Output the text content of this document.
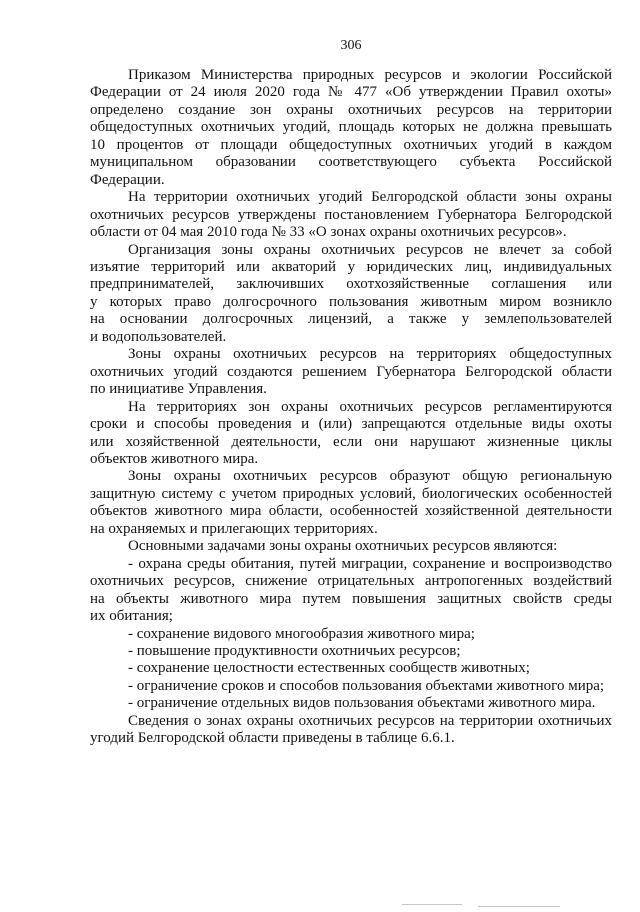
306
Приказом Министерства природных ресурсов и экологии Российской
Федерации от 24 июля 2020 года № 477 «Об утверждении Правил охоты»
определено создание зон охраны охотничьих ресурсов на территории
общедоступных охотничьих угодий, площадь которых не должна превышать
10 процентов от площади общедоступных охотничьих угодий в каждом
муниципальном образовании соответствующего субъекта Российской
Федерации.
На территории охотничьих угодий Белгородской области зоны охраны
охотничьих ресурсов утверждены постановлением Губернатора Белгородской
области от 04 мая 2010 года № 33 «О зонах охраны охотничьих ресурсов».
Организация зоны охраны охотничьих ресурсов не влечет за собой
изъятие территорий или акваторий у юридических лиц, индивидуальных
предпринимателей, заключивших охотхозяйственные соглашения или
у которых право долгосрочного пользования животным миром возникло
на основании долгосрочных лицензий, а также у землепользователей
и водопользователей.
Зоны охраны охотничьих ресурсов на территориях общедоступных
охотничьих угодий создаются решением Губернатора Белгородской области
по инициативе Управления.
На территориях зон охраны охотничьих ресурсов регламентируются
сроки и способы проведения и (или) запрещаются отдельные виды охоты
или хозяйственной деятельности, если они нарушают жизненные циклы
объектов животного мира.
Зоны охраны охотничьих ресурсов образуют общую региональную
защитную систему с учетом природных условий, биологических особенностей
объектов животного мира области, особенностей хозяйственной деятельности
на охраняемых и прилегающих территориях.
Основными задачами зоны охраны охотничьих ресурсов являются:
- охрана среды обитания, путей миграции, сохранение и воспроизводство
охотничьих ресурсов, снижение отрицательных антропогенных воздействий
на объекты животного мира путем повышения защитных свойств среды
их обитания;
- сохранение видового многообразия животного мира;
- повышение продуктивности охотничьих ресурсов;
- сохранение целостности естественных сообществ животных;
- ограничение сроков и способов пользования объектами животного мира;
- ограничение отдельных видов пользования объектами животного мира.
Сведения о зонах охраны охотничьих ресурсов на территории охотничьих
угодий Белгородской области приведены в таблице 6.6.1.
